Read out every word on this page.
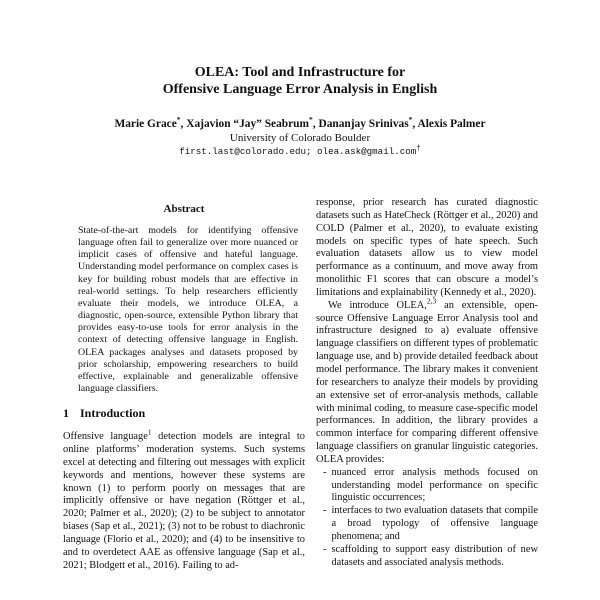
OLEA: Tool and Infrastructure for
Offensive Language Error Analysis in English
Marie Grace*, Xajavion “Jay” Seabrum*, Dananjay Srinivas*, Alexis Palmer
University of Colorado Boulder
first.last@colorado.edu; olea.ask@gmail.com†
Abstract

State-of-the-art models for identifying offensive language often fail to generalize over more nuanced or implicit cases of offensive and hateful language. Understanding model performance on complex cases is key for building robust models that are effective in real-world settings. To help researchers efficiently evaluate their models, we introduce OLEA, a diagnostic, open-source, extensible Python library that provides easy-to-use tools for error analysis in the context of detecting offensive language in English. OLEA packages analyses and datasets proposed by prior scholarship, empowering researchers to build effective, explainable and generalizable offensive language classifiers.

1 Introduction

Offensive language$^1$ detection models are integral to online platforms’ moderation systems. Such systems excel at detecting and filtering out messages with explicit keywords and mentions, however these systems are known (1) to perform poorly on messages that are implicitly offensive or have negation (Röttger et al., 2020; Palmer et al., 2020); (2) to be subject to annotator biases (Sap et al., 2021); (3) not to be robust to diachronic language (Florio et al., 2020); and (4) to be insensitive to and to overdetect AAE as offensive language (Sap et al., 2021; Blodgett et al., 2016). Failing to ad-

response, prior research has curated diagnostic datasets such as HateCheck (Röttger et al., 2020) and COLD (Palmer et al., 2020), to evaluate existing models on specific types of hate speech. Such evaluation datasets allow us to view model performance as a continuum, and move away from monolithic F1 scores that can obscure a model’s limitations and explainability (Kennedy et al., 2020).

We introduce OLEA,$^{2,3}$ an extensible, open-source Offensive Language Error Analysis tool and infrastructure designed to a) evaluate offensive language classifiers on different types of problematic language use, and b) provide detailed feedback about model performance. The library makes it convenient for researchers to analyze their models by providing an extensive set of error-analysis methods, callable with minimal coding, to measure case-specific model performances. In addition, the library provides a common interface for comparing different offensive language classifiers on granular linguistic categories. OLEA provides:

- nuanced error analysis methods focused on understanding model performance on specific linguistic occurrences;
- interfaces to two evaluation datasets that compile a broad typology of offensive language phenomena; and
- scaffolding to support easy distribution of new datasets and associated analysis methods.
